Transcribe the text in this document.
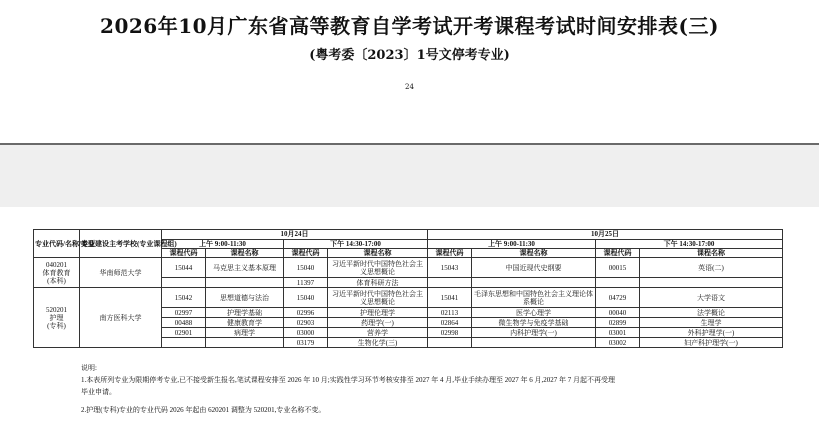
2026年10月广东省高等教育自学考试开考课程考试时间安排表(三)
(粤考委〔2023〕1号文停考专业)
24
专业代码/名称/类型	专业建设主考学校(专业课程组)	10月24日				10月25日			
		上午 9:00-11:30		下午 14:30-17:00		上午 9:00-11:30		下午 14:30-17:00	
		课程代码	课程名称	课程代码	课程名称	课程代码	课程名称	课程代码	课程名称

040201
体育教育
(本科)	华南师范大学	15044	马克思主义基本原理	15040	习近平新时代中国特色社会主义思想概论	15043	中国近现代史纲要	00015	英语(二)
				11397	体育科研方法				

520201
护理
(专科)	南方医科大学	15042	思想道德与法治	15040	习近平新时代中国特色社会主义思想概论	15041	毛泽东思想和中国特色社会主义理论体系概论	04729	大学语文
		02997	护理学基础	02996	护理伦理学	02113	医学心理学	00040	法学概论
		00488	健康教育学	02903	药理学(一)	02864	微生物学与免疫学基础	02899	生理学
		02901	病理学	03000	营养学	02998	内科护理学(一)	03001	外科护理学(一)
				03179	生物化学(三)			03002	妇产科护理学(一)

说明:

1.本表所列专业为限期停考专业,已不接受新生报名,笔试课程安排至 2026 年 10 月;实践性学习环节考核安排至 2027 年 4 月,毕业手续办理至 2027 年 6 月,2027 年 7 月起不再受理

毕业申请。

2.护理(专科)专业的专业代码 2026 年起由 620201 调整为 520201,专业名称不变。
